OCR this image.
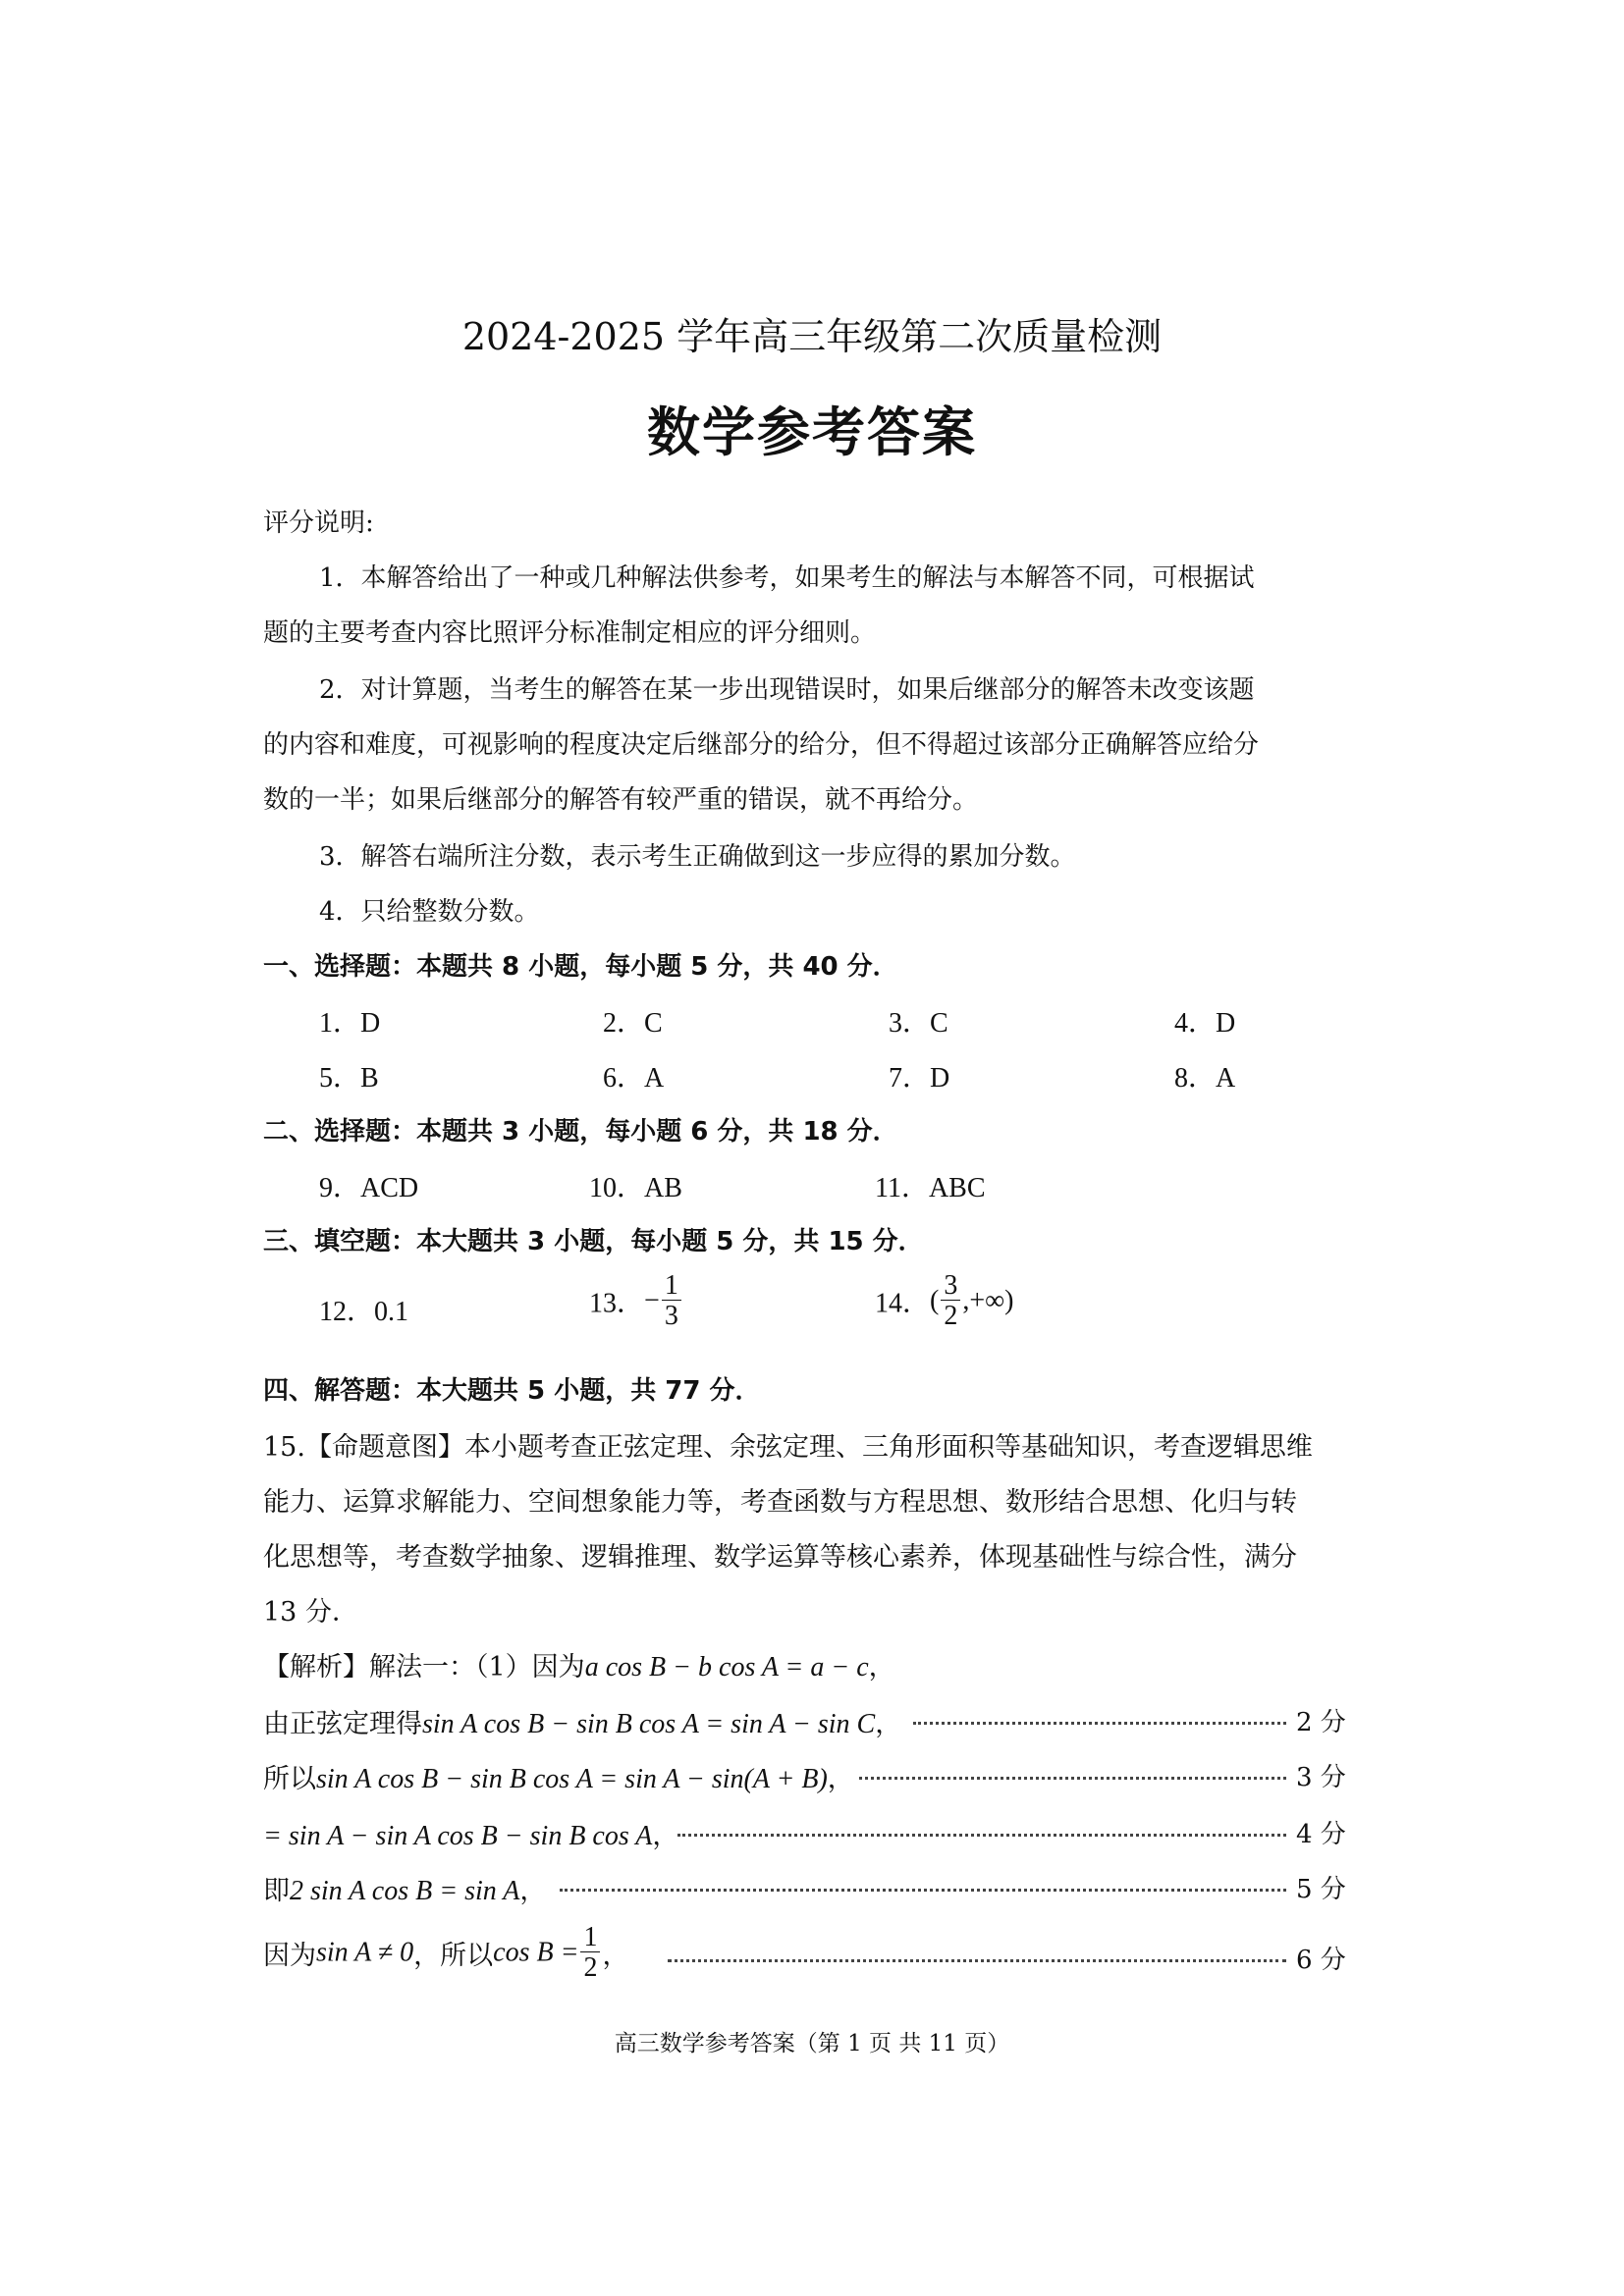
2024-2025 学年高三年级第二次质量检测
数学参考答案
评分说明:
1．本解答给出了一种或几种解法供参考，如果考生的解法与本解答不同，可根据试
题的主要考查内容比照评分标准制定相应的评分细则。
2．对计算题，当考生的解答在某一步出现错误时，如果后继部分的解答未改变该题
的内容和难度，可视影响的程度决定后继部分的给分，但不得超过该部分正确解答应给分
数的一半；如果后继部分的解答有较严重的错误，就不再给分。
3．解答右端所注分数，表示考生正确做到这一步应得的累加分数。
4．只给整数分数。
一、选择题：本题共 8 小题，每小题 5 分，共 40 分．
1．D	2．C	3．C	4．D
5．B	6．A	7．D	8．A
二、选择题：本题共 3 小题，每小题 6 分，共 18 分．
9．ACD	10．AB	11．ABC
三、填空题：本大题共 3 小题，每小题 5 分，共 15 分．
12．0.1	13．− $\frac{1}{3}$	14．( $\frac{3}{2}$ ,+∞)
四、解答题：本大题共 5 小题，共 77 分．
15.【命题意图】本小题考查正弦定理、余弦定理、三角形面积等基础知识，考查逻辑思维
能力、运算求解能力、空间想象能力等，考查函数与方程思想、数形结合思想、化归与转
化思想等，考查数学抽象、逻辑推理、数学运算等核心素养，体现基础性与综合性，满分
13 分．
【解析】解法一：（1）因为a cos B − b cos A = a − c，
由正弦定理得sin A cos B − sin B cos A = sin A − sin C，	2 分
所以sin A cos B − sin B cos A = sin A − sin(A + B)，	3 分
= sin A − sin A cos B − sin B cos A，	4 分
即2 sin A cos B = sin A，	5 分
因为sin A ≠ 0，所以$\cos B = \frac{1}{2}$ ，	6 分
高三数学参考答案（第 1 页 共 11 页）
